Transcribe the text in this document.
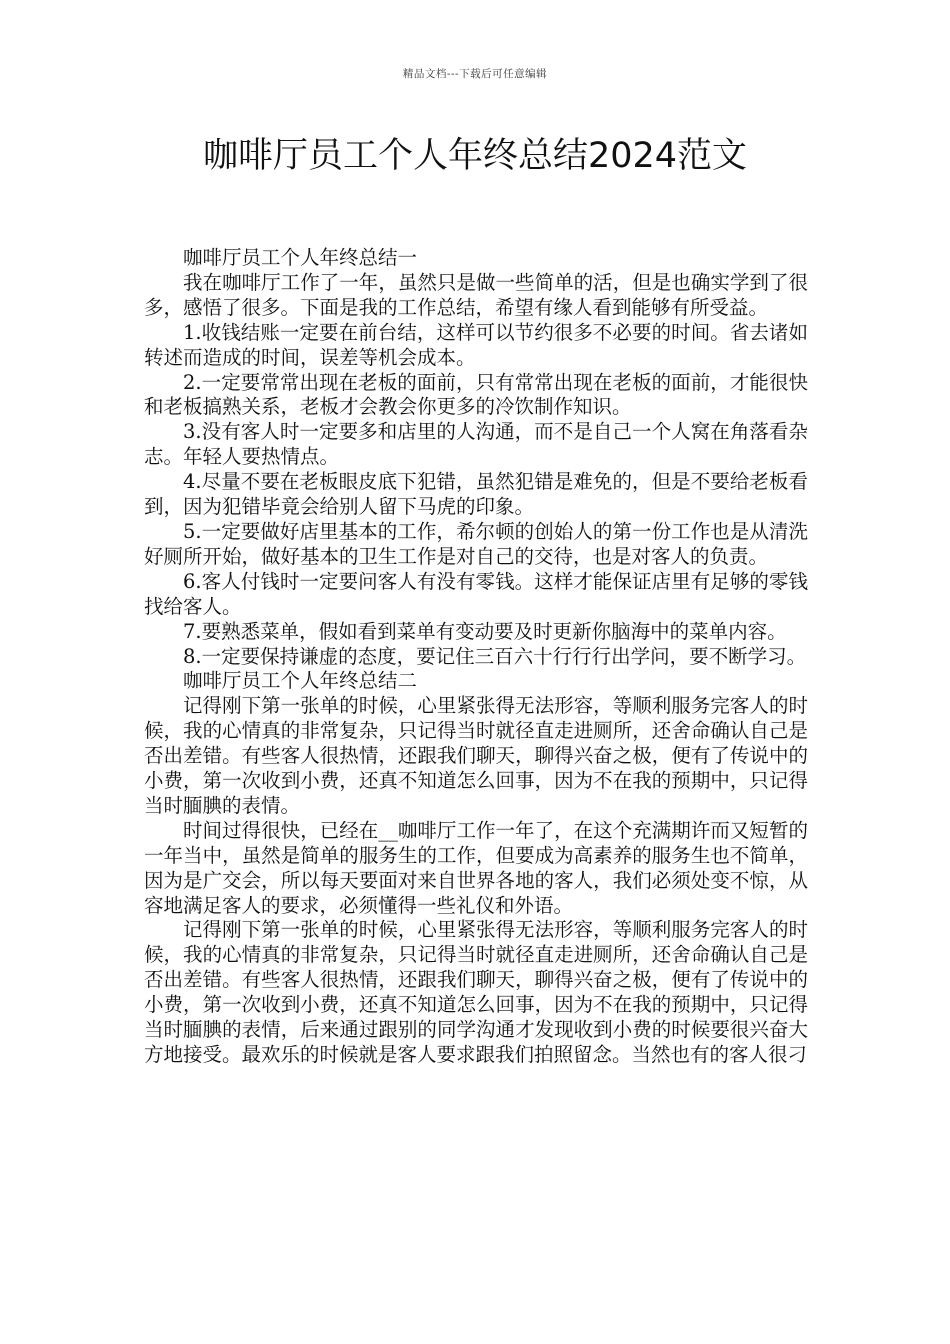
精品文档---下载后可任意编辑
咖啡厅员工个人年终总结2024范文

咖啡厅员工个人年终总结一

我在咖啡厅工作了一年，虽然只是做一些简单的活，但是也确实学到了很多，感悟了很多。下面是我的工作总结，希望有缘人看到能够有所受益。

1.收钱结账一定要在前台结，这样可以节约很多不必要的时间。省去诸如转述而造成的时间，误差等机会成本。

2.一定要常常出现在老板的面前，只有常常出现在老板的面前，才能很快和老板搞熟关系，老板才会教会你更多的冷饮制作知识。

3.没有客人时一定要多和店里的人沟通，而不是自己一个人窝在角落看杂志。年轻人要热情点。

4.尽量不要在老板眼皮底下犯错，虽然犯错是难免的，但是不要给老板看到，因为犯错毕竟会给别人留下马虎的印象。

5.一定要做好店里基本的工作，希尔顿的创始人的第一份工作也是从清洗好厕所开始，做好基本的卫生工作是对自己的交待，也是对客人的负责。

6.客人付钱时一定要问客人有没有零钱。这样才能保证店里有足够的零钱找给客人。

7.要熟悉菜单，假如看到菜单有变动要及时更新你脑海中的菜单内容。

8.一定要保持谦虚的态度，要记住三百六十行行行出学问，要不断学习。

咖啡厅员工个人年终总结二

记得刚下第一张单的时候，心里紧张得无法形容，等顺利服务完客人的时候，我的心情真的非常复杂，只记得当时就径直走进厕所，还舍命确认自己是否出差错。有些客人很热情，还跟我们聊天，聊得兴奋之极，便有了传说中的小费，第一次收到小费，还真不知道怎么回事，因为不在我的预期中，只记得当时腼腆的表情。

时间过得很快，已经在__咖啡厅工作一年了，在这个充满期许而又短暂的一年当中，虽然是简单的服务生的工作，但要成为高素养的服务生也不简单，因为是广交会，所以每天要面对来自世界各地的客人，我们必须处变不惊，从容地满足客人的要求，必须懂得一些礼仪和外语。

记得刚下第一张单的时候，心里紧张得无法形容，等顺利服务完客人的时候，我的心情真的非常复杂，只记得当时就径直走进厕所，还舍命确认自己是否出差错。有些客人很热情，还跟我们聊天，聊得兴奋之极，便有了传说中的小费，第一次收到小费，还真不知道怎么回事，因为不在我的预期中，只记得当时腼腆的表情，后来通过跟别的同学沟通才发现收到小费的时候要很兴奋大方地接受。最欢乐的时候就是客人要求跟我们拍照留念。当然也有的客人很刁
